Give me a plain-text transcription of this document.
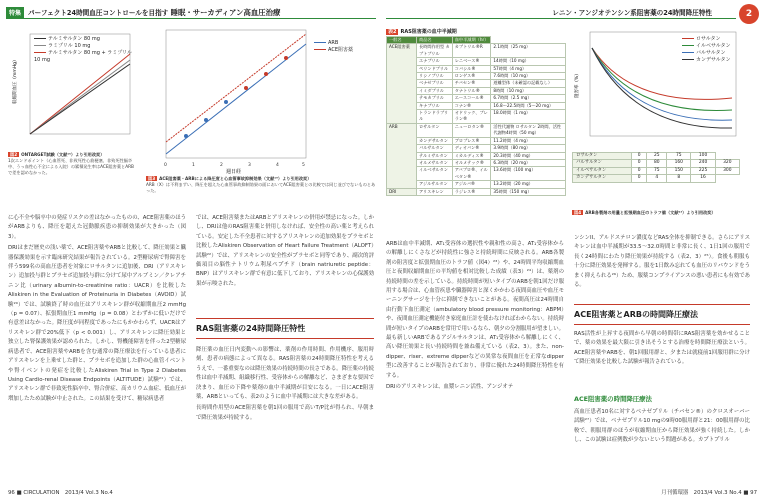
特集	パーフェクト24時間血圧コントロールを目指す
睡眠・サーカディアン高血圧治療
収縮期血圧（mmHg）
テルミサルタン 80 mg
ラミプリル 10 mg
テルミサルタン 80 mg + ラミプリル 10 mg
図2 ONTARGET試験（文献¹⁵）より引用改変）
1次エンドポイント（心血管死、非致死性心筋梗塞、非致死性脳卒中、うっ血性心不全による入院）の累積発生率はACE阻害薬とARBで差を認めなかった。
0	1	2	3	4	5
週日経
ARB
ACE阻害薬
図3 ACE阻害薬・ARBによる降圧度と心血管事故抑制効果（文献¹⁹）より引用改変）
ARB（X）は不利まずい、降圧を超えた心血管事故抑制効果の面においてACE阻害薬との比較では同じ並びでないものとあった。

に心不全や脳卒中の発症リスクの差はなかったものの、ACE阻害薬のほうがARBよりも、降圧を超えた冠動脈疾患の抑制効果が大きかった（図3）。

DRIはまだ歴史の浅い薬で、ACE阻害薬やARBと比較して、降圧効果と臓器保護効果を示す臨床研究結果が報告されている。2型糖尿病で腎障害を伴う599名の高血圧患者を対象にロサルタンに追加後、DRI（アリスキレン）追加投与群とプラセボ追加投与群に分けて尿中アルブミン／クレアチニン比（urinary albumin-to-creatinine ratio：UACR）を比較したAliskiren in the Evaluation of Proteinuria in Diabetes（AVOID）試験²⁰）では、試験終了時の血圧はアリスキレン群が収縮期血圧2 mmHg（p = 0.07）、拡張期血圧1 mmHg（p = 0.08）とわずかに低いだけで有意差はなかった。降圧度が同程度であったにもかかわらず、UACRはアリスキレン群で20%低下（p < 0.001）し、アリスキレンに降圧効果と独立した腎保護効果が認められた。しかし、腎機能障害を伴った2型糖尿病患者で、ACE阻害薬やARBを含む通常の降圧療法を行っている患者にアリスキレンを上乗せした群と、プラセボを追加した群の心血管イベントや腎イベントの発症を比較したAliskiren Trial in Type 2 Diabetes Using Cardio-renal Disease Endpoints（ALTITUDE）試験²¹）では、アリスキレン群で非致死性脳卒中、腎合併症、高カリウム血症、低血圧が増加したため試験が中止された。この結果を受けて、糖尿病患者

では、ACE阻害薬またはARBとアリスキレンの併用が禁忌になった。しかし、DRIは他のRAS阻害薬と併用しなければ、安全性の高い薬と考えられている。安定した不全患者に対するアリスキレンの追加効果をプラセボと比較したAliskiren Observation of Heart Failure Treatment（ALOFT）試験²²）では、アリスキレンの安全性がプラセボと同等であり、副次的評価項目の脳性ナトリウム利尿ペプチド（brain natriuretic peptide：BNP）はアリスキレン群で有意に低下しており、アリスキレンの心保護効果が示唆された。

RAS阻害薬の24時間降圧特性

降圧薬の血圧日内変動への影響は、薬剤の作用時間、作用機序、服用時刻、患者の病態によって異なる。RAS阻害薬の24時間降圧特性を考えるうえで、一番重要なのは降圧効果の持続時間の長さである。降圧薬の持続性は血中半減期、組織移行性、受容体からの解離など、さまざまな要因で決まり、血圧の下降や薬剤の血中半減期が目安になる。一日にACE阻害薬、ARBといっても、表2のように血中半減期には大きな差がある。

長時間作用型のACE阻害薬を朝1回の服用で高いT/P比が得られ、早朝まで降圧効果が持続する。

96 ■ CIRCULATION　2013/4 Vol.3 No.4
レニン・アンジオテンシン系阻害薬の24時間降圧特性	2
表2 RAS阻害薬の血中半減期
一般名	商品名	血中半減期（hr）	
ACE阻害薬	長時間作用型 カプトプリル	カプトリル®R	2.1時間（25 mg）
	エナプリル	レニベース®	14時間（10 mg）
	ペリンドプリル	コバシル®	57時間（4 mg）
	リシノプリル	ロンゲス®	7.6時間（10 mg）
	ベナゼプリル	チバセン®	遊離型体（未確認の記載なし）
	イミダプリル	タナトリル®	8時間（10 mg）
	テモカプリル	エースコール®	6.7時間（2.5 mg）
	キナプリル	コナン®	16.8〜22.5時間（5〜20 mg）
	トランドラプリル	オドリック、プレラン®	18.0時間（1 mg）
ARB	ロサルタン	ニューロタン®	活性代謝物 ロサルタン 2時間、活性代謝物4時間（50 mg）
	カンデサルタン	ブロプレス®	11.2時間（4 mg）
	バルサルタン	ディオバン®	3.9時間（80 mg）
	テルミサルタン	ミカルディス®	20.3時間（40 mg）
	オルメサルタン	オルメテック®	6.3時間（20 mg）
	イルベサルタン	アバプロ®、イルベタン®	13.6時間（100 mg）
	アジルサルタン	アジルバ®	13.2時間（20 mg）
DRI	アリスキレン	ラジレス®	35時間（150 mg）
阻害率（%）
ロサルタン
イルベサルタン
バルサルタン
カンデサルタン
ロサルタン	0	25	75	100	
バルサルタン	0	80	160	240	320
イルベサルタン	0	75	150	225	300
カンデサルタン	0	4	8	16	
図4 ARB各製剤の用量と拡張期血圧のトラフ値（文献²³）より引用改変）

ARBは血中半減期、AT₁受容体の選択性や親和性の高さ、AT₁受容体からの解離しにくさなどが持続性に強さと持続時間に反映される。ARB各製剤の阻害度と拡張期血圧のトラフ値（図4）²³）や、24時間平均収縮期血圧と夜間収縮期血圧の平均値を相対比較した成績（表3）²⁴）は、薬剤の持続時間の差を示している。持続時間が短いタイプのARBを朝1回だけ服用する場合は、心血管疾患や臓器障害と深くかかわる夜間高血圧や血圧モーニングサージを十分に抑制できないことがある。夜間高圧は24時間自由行動下血圧測定（ambulatory blood pressure monitoring：ABPM）や、夜間血圧測定機能付き家庭血圧計を使わなければわからない。持続時間が短いタイプのARBを常用で用いるなら、朝夕の分割服用が望ましい。最も新しいARBであるアジルサルタンは、AT₁受容体から解離しにくく、高い降圧効果と長い持続時間を兼ね備えている（表2、3）。また、non-dipper、riser、extreme dipperなどの異常な夜間血圧を正常なdipper型に改善することが報告されており、非常に優れた24時間降圧特性を有する。

DRIのアリスキレンは、血漿レニン活性、アンジオテ

ンシンII、アルドステロン濃度などRAS全体を抑制できる。さらにアリスキレンは血中半減期が33.5〜32.0時間と非常に長く、1日1回の服用で長く24時間にわたり降圧効果が持続する（表2、3）²⁵）。食後も朝服も十分に降圧効果を発揮する。服を1日飲み忘れても血圧のリバウンドをうまく抑えられる²⁶）ため、服薬コンプライアンスの悪い患者にも有効である。

ACE阻害薬とARBの時間降圧療法

RAS活性が上昇する夜間から早朝の時間帯にRAS阻害薬を効かせることで、薬の効果を最大限に引き出そうとする治療を時間降圧療法という。ACE阻害薬やARBを、朝1回服用群と、夕または就寝前1回服用群に分けて降圧効果を比較した試験が報告されている。

ACE阻害薬の時間降圧療法

高血圧患者10名に対するベナゼプリル（チバセン®）のクロスオーバー試験²⁷）では、ベナゼプリル10 mgの9時00服用群と21：00服用群の比較で、朝服用群のほうが収縮期血圧から降圧効果が強く持続した。しかし、この試験は症例数が少ないという問題がある。カプトプリル

月刊循環器　2013/4 Vol.3 No.4 ■ 97
